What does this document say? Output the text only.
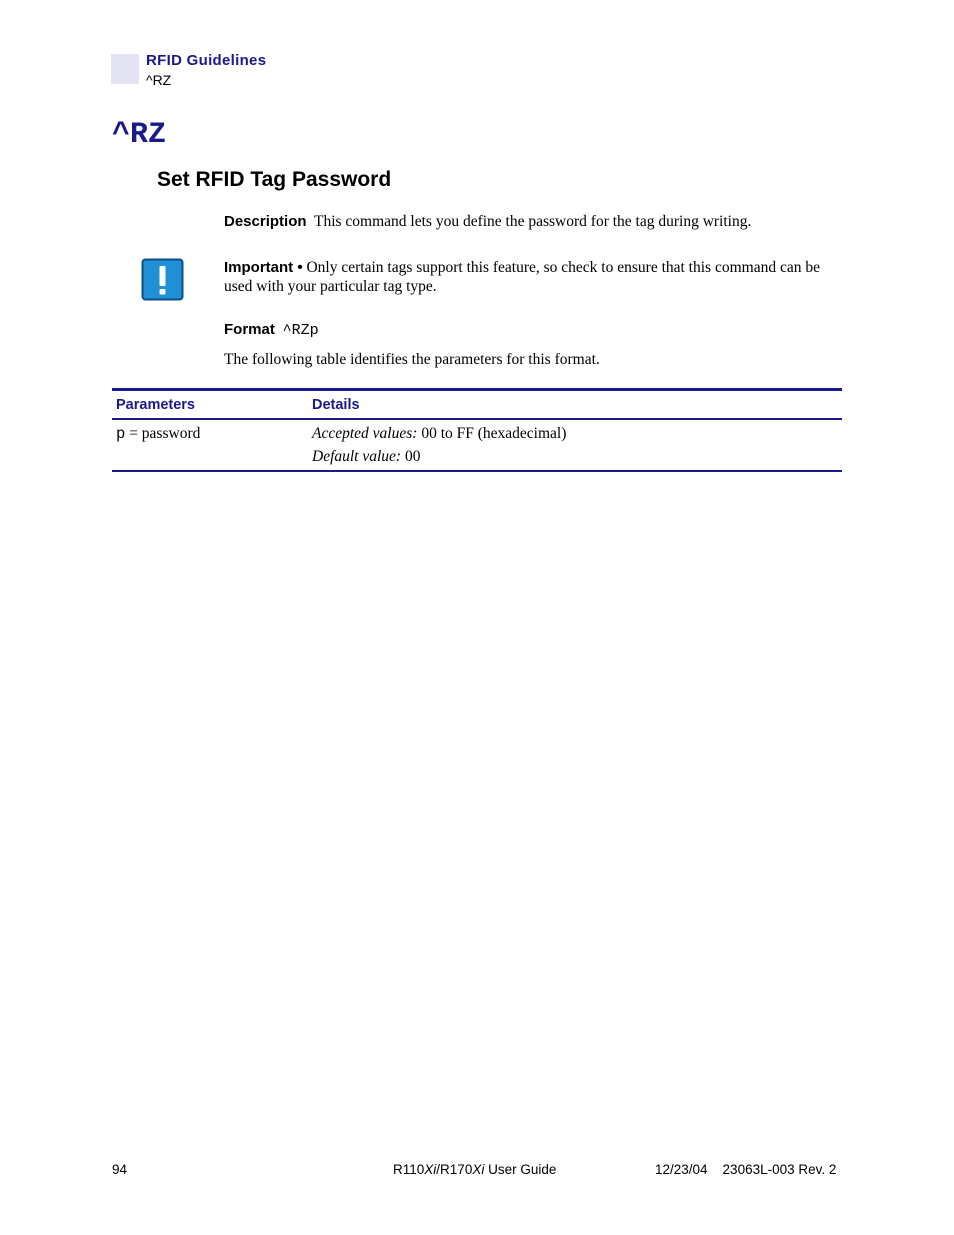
RFID Guidelines
^RZ
^RZ
Set RFID Tag Password
Description This command lets you define the password for the tag during writing.
Important • Only certain tags support this feature, so check to ensure that this command can be used with your particular tag type.
Format ^RZp
The following table identifies the parameters for this format.
Parameters	Details
p = password	Accepted values: 00 to FF (hexadecimal)
Default value: 00
94	R110Xi/R170Xi User Guide	12/23/04    23063L-003 Rev. 2
